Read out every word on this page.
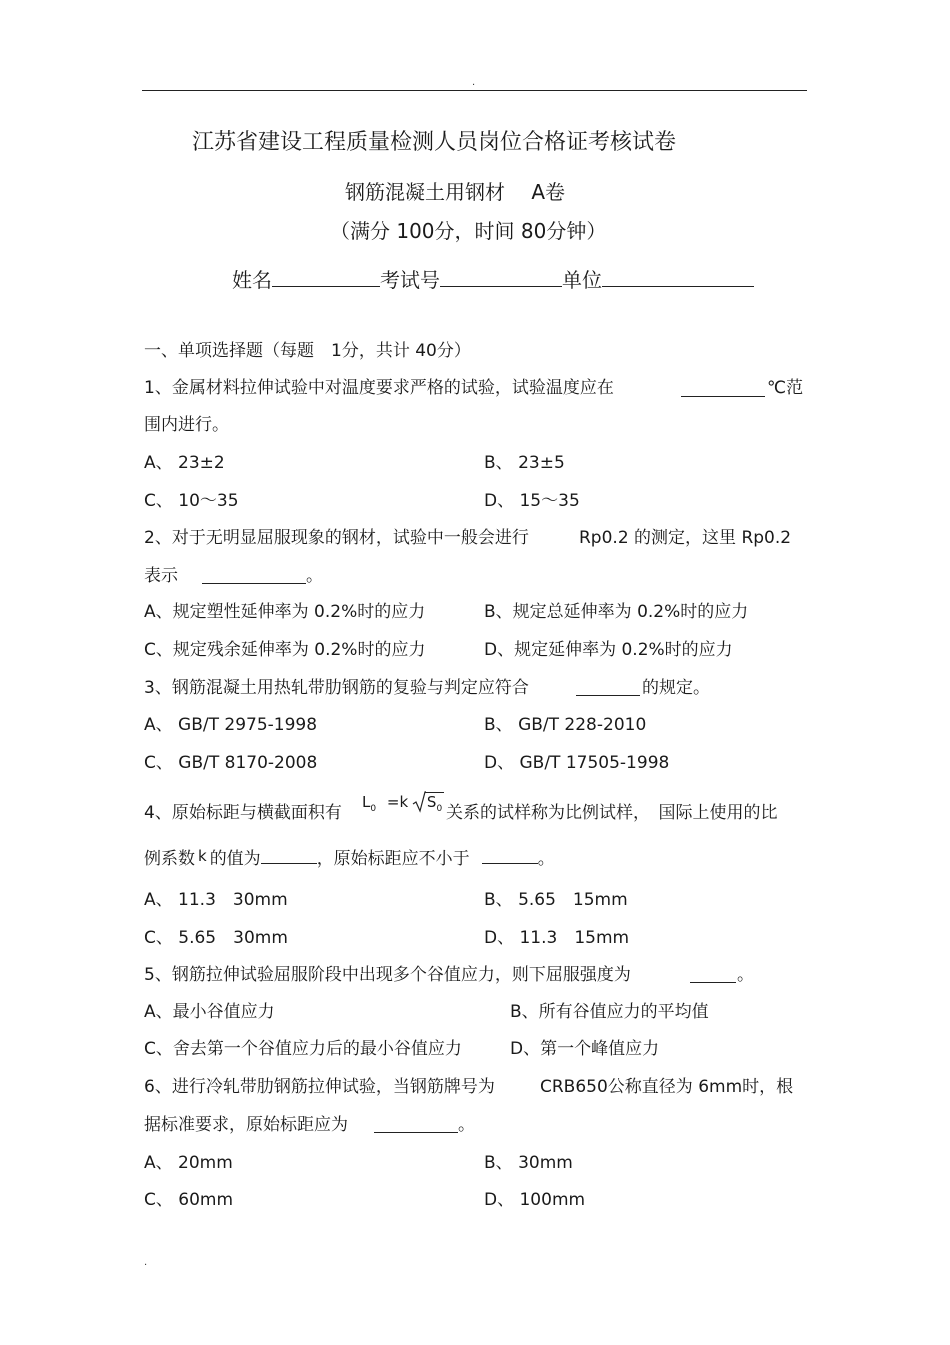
.
江苏省建设工程质量检测人员岗位合格证考核试卷
钢筋混凝土用钢材　 A卷
（满分 100分，时间 80分钟）
姓名	考试号	单位
一、单项选择题（每题　1分，共计 40分）
1、金属材料拉伸试验中对温度要求严格的试验，试验温度应在	℃范
围内进行。
A、 23±2	B、 23±5
C、 10～35	D、 15～35
2、对于无明显屈服现象的钢材，试验中一般会进行	Rp0.2 的测定，这里 Rp0.2
表示	。
A、规定塑性延伸率为 0.2%时的应力	B、规定总延伸率为 0.2%时的应力
C、规定残余延伸率为 0.2%时的应力	D、规定延伸率为 0.2%时的应力
3、钢筋混凝土用热轧带肋钢筋的复验与判定应符合	的规定。
A、 GB/T 2975-1998	B、 GB/T 228-2010
C、 GB/T 8170-2008	D、 GB/T 17505-1998
4、原始标距与横截面积有
$L_0 =k$ $S_0$ 关系的试样称为比例试样，　国际上使用的比
例系数 k 的值为	，原始标距应不小于	。
A、 11.3　30mm	B、 5.65　15mm
C、 5.65　30mm	D、 11.3　15mm
5、钢筋拉伸试验屈服阶段中出现多个谷值应力，则下屈服强度为	。
A、最小谷值应力	B、所有谷值应力的平均值
C、舍去第一个谷值应力后的最小谷值应力	D、第一个峰值应力
6、进行冷轧带肋钢筋拉伸试验，当钢筋牌号为	CRB650公称直径为 6mm时，根
据标准要求，原始标距应为	。
A、 20mm	B、 30mm
C、 60mm	D、 100mm
.
